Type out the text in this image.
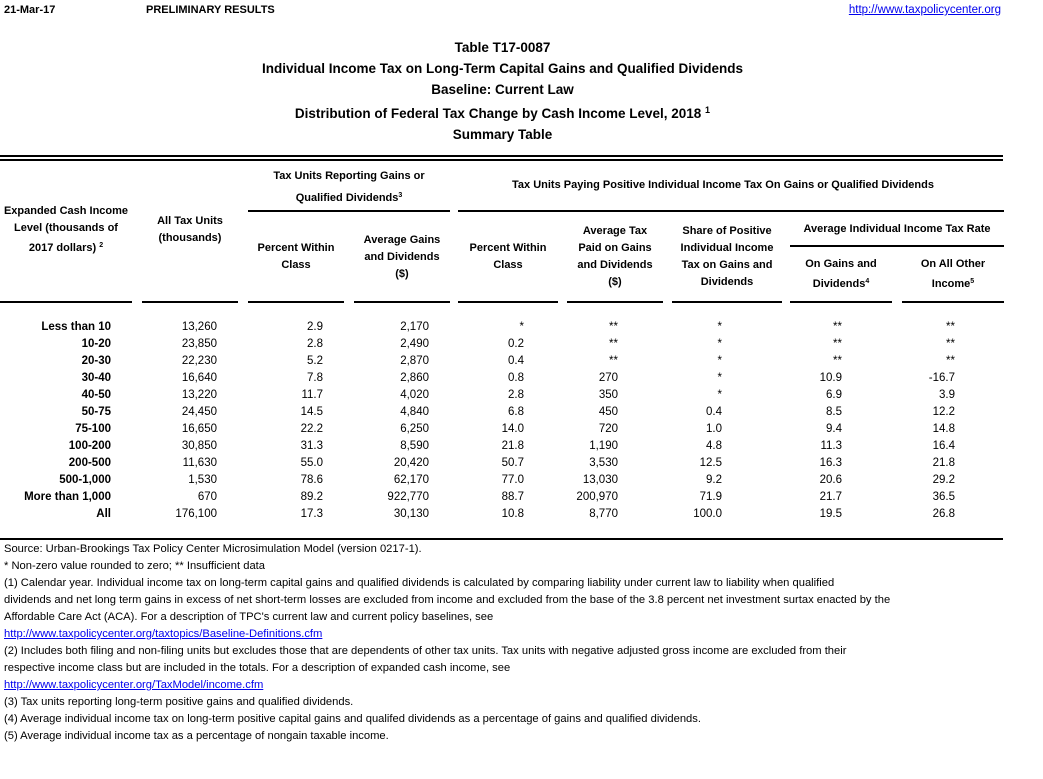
21-Mar-17	PRELIMINARY RESULTS	http://www.taxpolicycenter.org
Table T17-0087
Individual Income Tax on Long-Term Capital Gains and Qualified Dividends
Baseline: Current Law
Distribution of Federal Tax Change by Cash Income Level, 2018 $^1$
Summary Table
Expanded Cash Income
Level (thousands of
2017 dollars) $^2$
All Tax Units
(thousands)
Tax Units Reporting Gains or
Qualified Dividends$^3$
Percent Within
Class
Average Gains
and Dividends
($)
Tax Units Paying Positive Individual Income Tax On Gains or Qualified Dividends
Percent Within
Class
Average Tax
Paid on Gains
and Dividends
($)
Share of Positive
Individual Income
Tax on Gains and
Dividends
Average Individual Income Tax Rate
On Gains and
Dividends$^4$
On All Other
Income$^5$
Less than 10	13,260	2.9	2,170	*	**	*	**	**
10-20	23,850	2.8	2,490	0.2	**	*	**	**
20-30	22,230	5.2	2,870	0.4	**	*	**	**
30-40	16,640	7.8	2,860	0.8	270	*	10.9	-16.7
40-50	13,220	11.7	4,020	2.8	350	*	6.9	3.9
50-75	24,450	14.5	4,840	6.8	450	0.4	8.5	12.2
75-100	16,650	22.2	6,250	14.0	720	1.0	9.4	14.8
100-200	30,850	31.3	8,590	21.8	1,190	4.8	11.3	16.4
200-500	11,630	55.0	20,420	50.7	3,530	12.5	16.3	21.8
500-1,000	1,530	78.6	62,170	77.0	13,030	9.2	20.6	29.2
More than 1,000	670	89.2	922,770	88.7	200,970	71.9	21.7	36.5
All	176,100	17.3	30,130	10.8	8,770	100.0	19.5	26.8
Source: Urban-Brookings Tax Policy Center Microsimulation Model (version 0217-1).
* Non-zero value rounded to zero; ** Insufficient data
(1) Calendar year. Individual income tax on long-term capital gains and qualified dividends is calculated by comparing liability under current law to liability when qualified
dividends and net long term gains in excess of net short-term losses are excluded from income and excluded from the base of the 3.8 percent net investment surtax enacted by the
Affordable Care Act (ACA). For a description of TPC's current law and current policy baselines, see
http://www.taxpolicycenter.org/taxtopics/Baseline-Definitions.cfm
(2) Includes both filing and non-filing units but excludes those that are dependents of other tax units. Tax units with negative adjusted gross income are excluded from their
respective income class but are included in the totals. For a description of expanded cash income, see
http://www.taxpolicycenter.org/TaxModel/income.cfm
(3) Tax units reporting long-term positive gains and qualified dividends.
(4) Average individual income tax on long-term positive capital gains and qualifed dividends as a percentage of gains and qualified dividends.
(5) Average individual income tax as a percentage of nongain taxable income.
